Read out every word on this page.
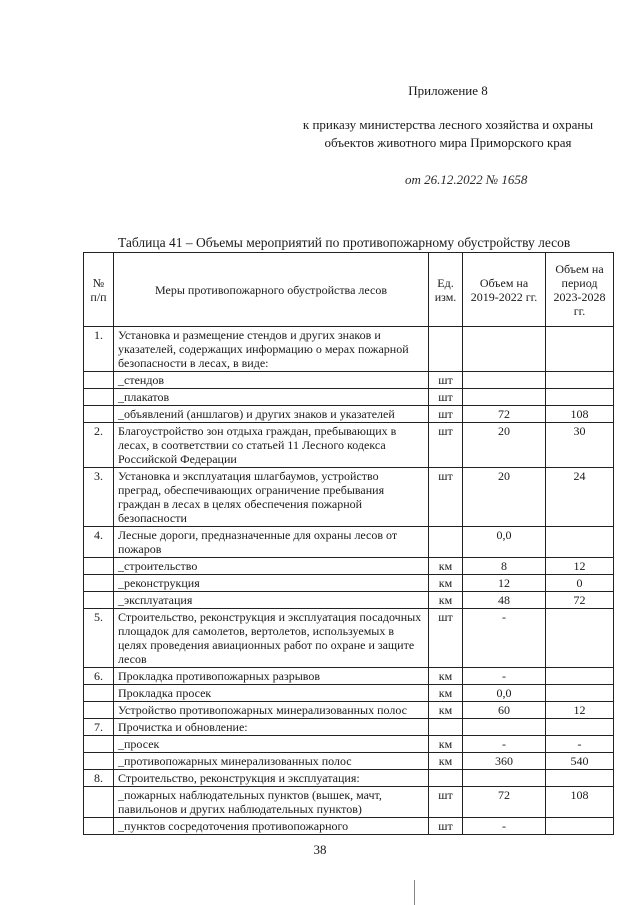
Приложение 8
к приказу министерства лесного хозяйства и охраны объектов животного мира Приморского края
от 26.12.2022 № 1658
Таблица 41 – Объемы мероприятий по противопожарному обустройству лесов
№ п/п	Меры противопожарного обустройства лесов	Ед. изм.	Объем на 2019-2022 гг.	Объем на период 2023-2028 гг.
1.	Установка и размещение стендов и других знаков и указателей, содержащих информацию о мерах пожарной безопасности в лесах, в виде:			
	_стендов	шт		
	_плакатов	шт		
	_объявлений (аншлагов) и других знаков и указателей	шт	72	108
2.	Благоустройство зон отдыха граждан, пребывающих в лесах, в соответствии со статьей 11 Лесного кодекса Российской Федерации	шт	20	30
3.	Установка и эксплуатация шлагбаумов, устройство преград, обеспечивающих ограничение пребывания граждан в лесах в целях обеспечения пожарной безопасности	шт	20	24
4.	Лесные дороги, предназначенные для охраны лесов от пожаров		0,0	
	_строительство	км	8	12
	_реконструкция	км	12	0
	_эксплуатация	км	48	72
5.	Строительство, реконструкция и эксплуатация посадочных площадок для самолетов, вертолетов, используемых в целях проведения авиационных работ по охране и защите лесов	шт	-	
6.	Прокладка противопожарных разрывов	км	-	
	Прокладка просек	км	0,0	
	Устройство противопожарных минерализованных полос	км	60	12
7.	Прочистка и обновление:			
	_просек	км	-	-
	_противопожарных минерализованных полос	км	360	540
8.	Строительство, реконструкция и эксплуатация:			
	_пожарных наблюдательных пунктов (вышек, мачт, павильонов и других наблюдательных пунктов)	шт	72	108
	_пунктов сосредоточения противопожарного	шт	-	
38
